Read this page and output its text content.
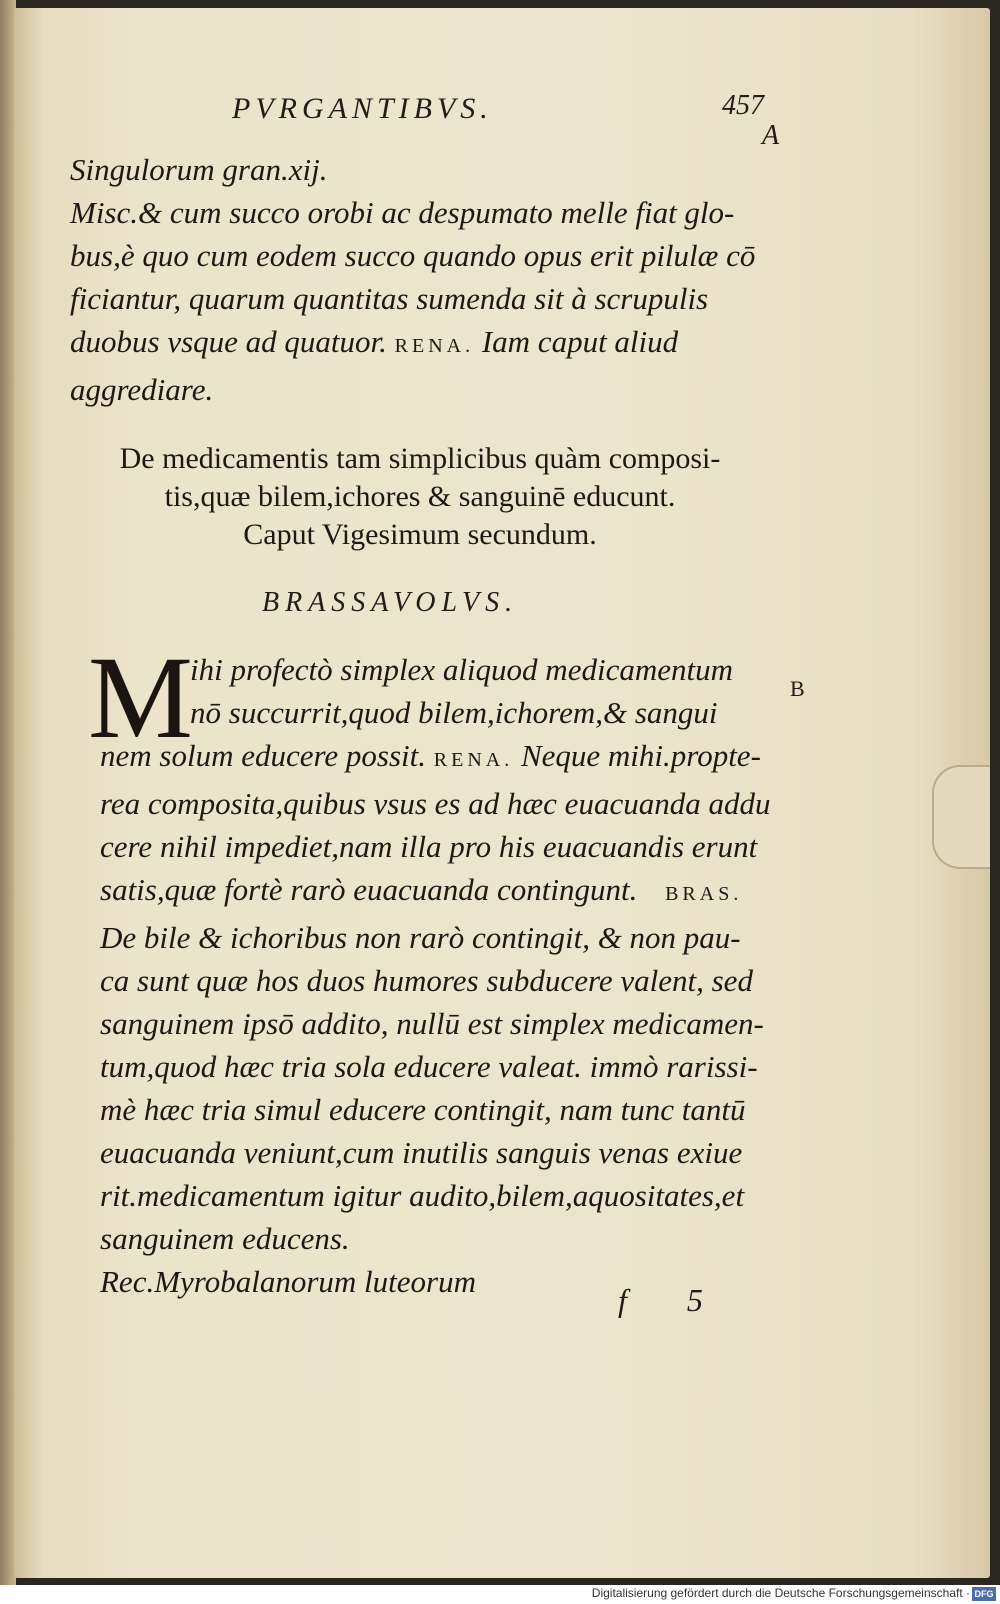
PVRGANTIBVS.	457
A
B
Singulorum gran.xij.
Misc.& cum succo orobi ac despumato melle fiat glo-
bus,è quo cum eodem succo quando opus erit pilulæ cō
ficiantur, quarum quantitas sumenda sit à scrupulis
duobus vsque ad quatuor. RENA. Iam caput aliud
aggrediare.
De medicamentis tam simplicibus quàm composi-
tis,quæ bilem,ichores & sanguinē educunt.
Caput Vigesimum secundum.
BRASSAVOLVS.
M
ihi profectò simplex aliquod medicamentum
nō succurrit,quod bilem,ichorem,& sangui
nem solum educere possit. RENA. Neque mihi.propte-
rea composita,quibus vsus es ad hæc euacuanda addu
cere nihil impediet,nam illa pro his euacuandis erunt
satis,quæ fortè rarò euacuanda contingunt. BRAS.
De bile & ichoribus non rarò contingit, & non pau-
ca sunt quæ hos duos humores subducere valent, sed
sanguinem ipsō addito, nullū est simplex medicamen-
tum,quod hæc tria sola educere valeat. immò rarissi-
mè hæc tria simul educere contingit, nam tunc tantū
euacuanda veniunt,cum inutilis sanguis venas exiue
rit.medicamentum igitur audito,bilem,aquositates,et
sanguinem educens.
Rec.Myrobalanorum luteorum
f 5
Digitalisierung gefördert durch die Deutsche Forschungsgemeinschaft · DFG
